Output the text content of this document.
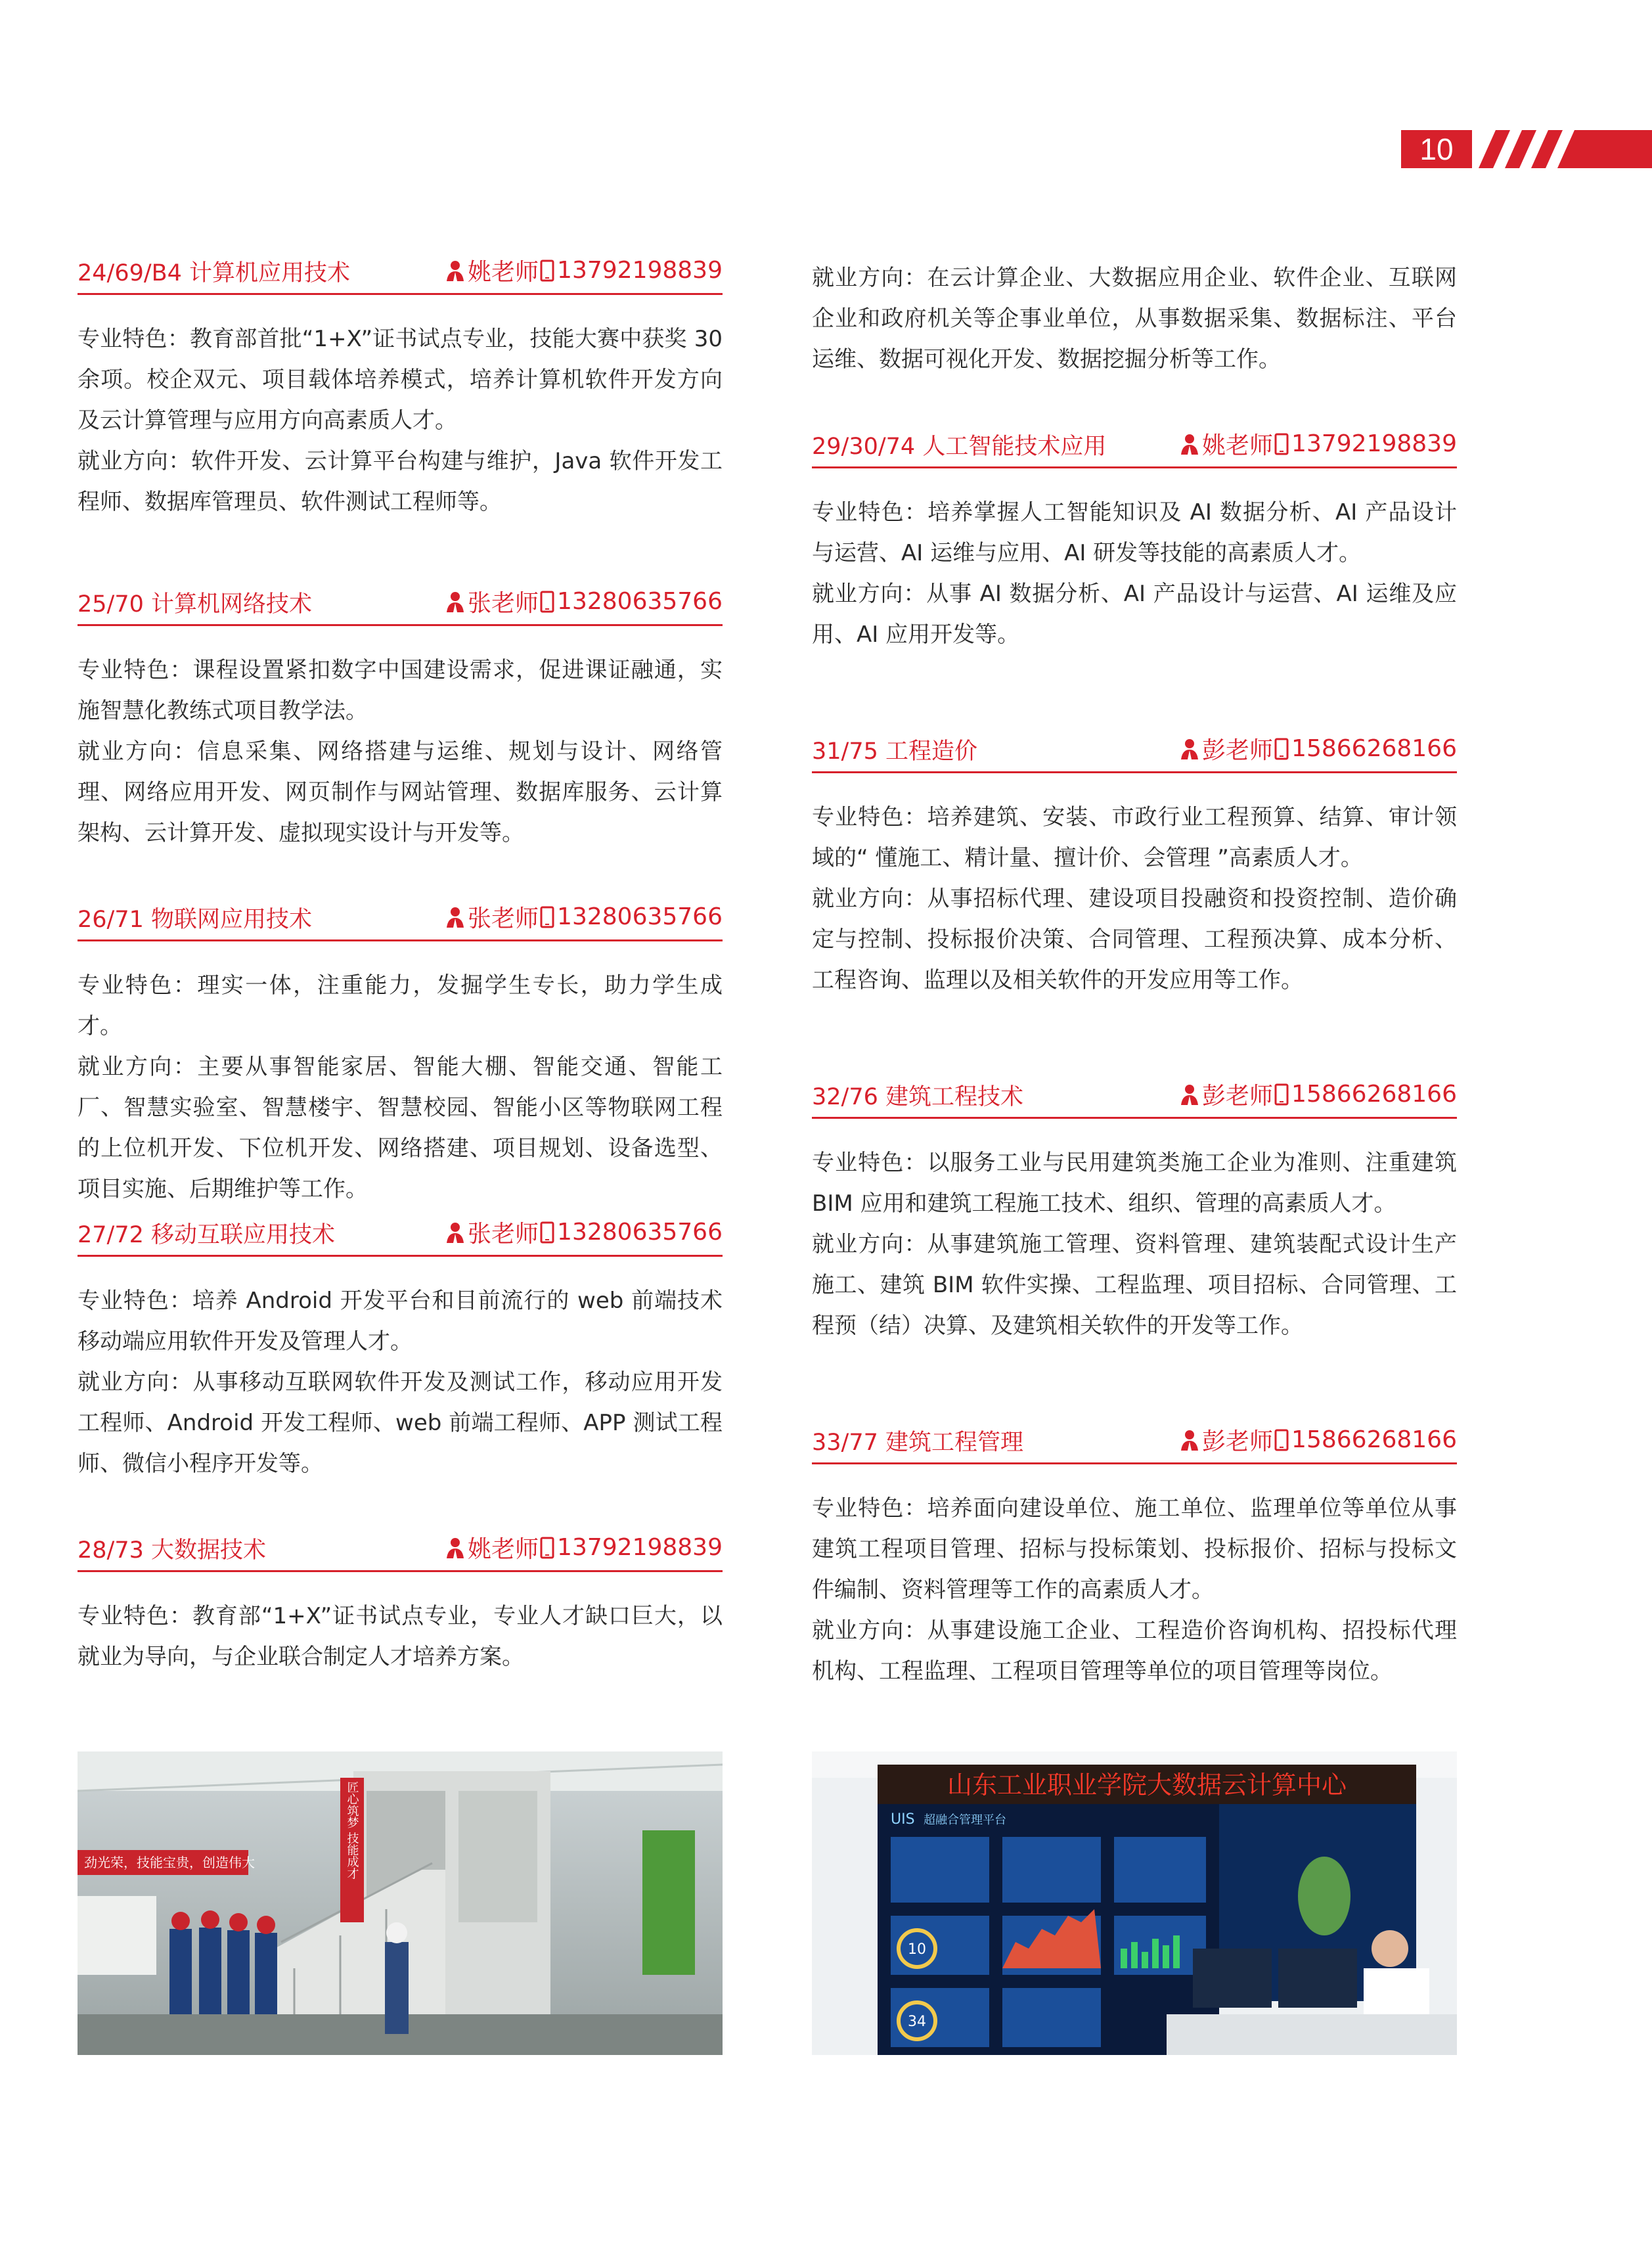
10
24/69/B4 计算机应用技术	姚老师 13792198839

专业特色：教育部首批“1+X”证书试点专业，技能大赛中获奖 30 余项。校企双元、项目载体培养模式，培养计算机软件开发方向及云计算管理与应用方向高素质人才。

就业方向：软件开发、云计算平台构建与维护，Java 软件开发工程师、数据库管理员、软件测试工程师等。

25/70 计算机网络技术	张老师 13280635766

专业特色：课程设置紧扣数字中国建设需求，促进课证融通，实施智慧化教练式项目教学法。

就业方向：信息采集、网络搭建与运维、规划与设计、网络管理、网络应用开发、网页制作与网站管理、数据库服务、云计算架构、云计算开发、虚拟现实设计与开发等。

26/71 物联网应用技术	张老师 13280635766

专业特色：理实一体，注重能力，发掘学生专长，助力学生成才。

就业方向：主要从事智能家居、智能大棚、智能交通、智能工厂、智慧实验室、智慧楼宇、智慧校园、智能小区等物联网工程的上位机开发、下位机开发、网络搭建、项目规划、设备选型、项目实施、后期维护等工作。

27/72 移动互联应用技术	张老师 13280635766

专业特色：培养 Android 开发平台和目前流行的 web 前端技术移动端应用软件开发及管理人才。

就业方向：从事移动互联网软件开发及测试工作，移动应用开发工程师、Android 开发工程师、web 前端工程师、APP 测试工程师、微信小程序开发等。

28/73 大数据技术	姚老师 13792198839

专业特色：教育部“1+X”证书试点专业，专业人才缺口巨大，以就业为导向，与企业联合制定人才培养方案。

就业方向：在云计算企业、大数据应用企业、软件企业、互联网企业和政府机关等企事业单位，从事数据采集、数据标注、平台运维、数据可视化开发、数据挖掘分析等工作。

29/30/74 人工智能技术应用	姚老师 13792198839

专业特色：培养掌握人工智能知识及 AI 数据分析、AI 产品设计与运营、AI 运维与应用、AI 研发等技能的高素质人才。

就业方向：从事 AI 数据分析、AI 产品设计与运营、AI 运维及应用、AI 应用开发等。

31/75 工程造价	彭老师 15866268166

专业特色：培养建筑、安装、市政行业工程预算、结算、审计领域的“ 懂施工、精计量、擅计价、会管理 ”高素质人才。

就业方向：从事招标代理、建设项目投融资和投资控制、造价确定与控制、投标报价决策、合同管理、工程预决算、成本分析、工程咨询、监理以及相关软件的开发应用等工作。

32/76 建筑工程技术	彭老师 15866268166

专业特色：以服务工业与民用建筑类施工企业为准则、注重建筑 BIM 应用和建筑工程施工技术、组织、管理的高素质人才。

就业方向：从事建筑施工管理、资料管理、建筑装配式设计生产施工、建筑 BIM 软件实操、工程监理、项目招标、合同管理、工程预（结）决算、及建筑相关软件的开发等工作。

33/77 建筑工程管理	彭老师 15866268166

专业特色：培养面向建设单位、施工单位、监理单位等单位从事建筑工程项目管理、招标与投标策划、投标报价、招标与投标文件编制、资料管理等工作的高素质人才。

就业方向：从事建设施工企业、工程造价咨询机构、招投标代理机构、工程监理、工程项目管理等单位的项目管理等岗位。

匠心筑梦 技能成才
劲光荣，技能宝贵，创造伟大
山东工业职业学院大数据云计算中心
UIS 超融合管理平台
10
34
